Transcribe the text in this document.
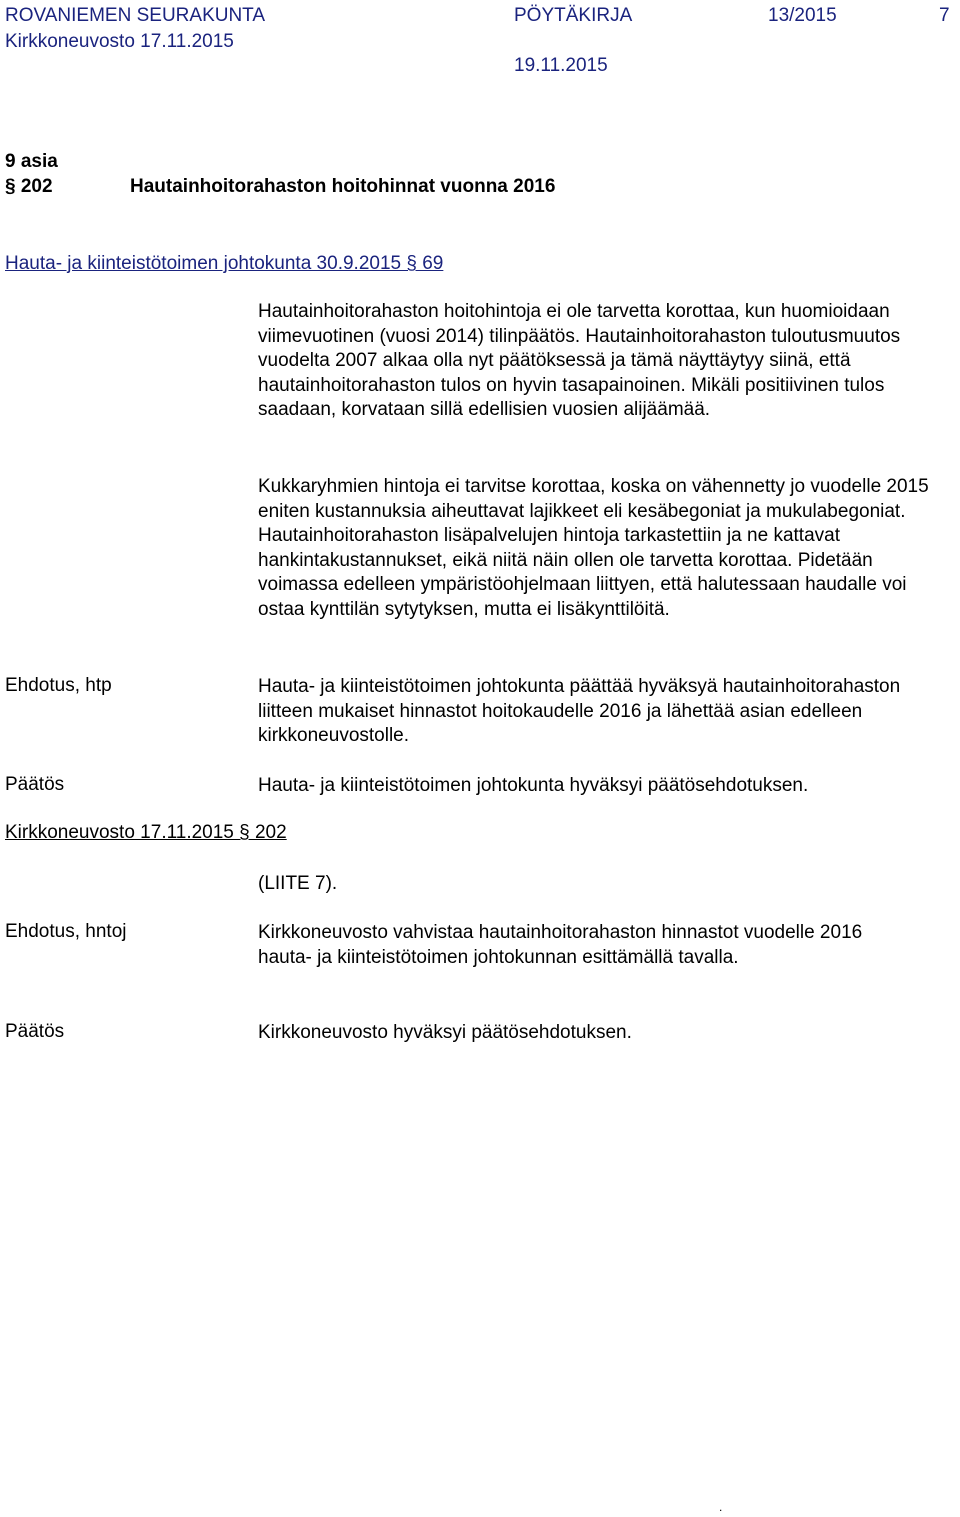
ROVANIEMEN SEURAKUNTA	PÖYTÄKIRJA	13/2015	7
Kirkkoneuvosto 17.11.2015
19.11.2015
9 asia
§ 202	Hautainhoitorahaston hoitohinnat vuonna 2016
Hauta- ja kiinteistötoimen johtokunta 30.9.2015 § 69
Hautainhoitorahaston hoitohintoja ei ole tarvetta korottaa, kun huomioidaan viimevuotinen (vuosi 2014) tilinpäätös. Hautainhoitorahaston tuloutusmuutos vuodelta 2007 alkaa olla nyt päätöksessä ja tämä näyttäytyy siinä, että hautainhoitorahaston tulos on hyvin tasapainoinen. Mikäli positiivinen tulos saadaan, korvataan sillä edellisien vuosien alijäämää.
Kukkaryhmien hintoja ei tarvitse korottaa, koska on vähennetty jo vuodelle 2015 eniten kustannuksia aiheuttavat lajikkeet eli kesäbegoniat ja mukulabegoniat. Hautainhoitorahaston lisäpalvelujen hintoja tarkastettiin ja ne kattavat hankintakustannukset, eikä niitä näin ollen ole tarvetta korottaa. Pidetään voimassa edelleen ympäristöohjelmaan liittyen, että halutessaan haudalle voi ostaa kynttilän sytytyksen, mutta ei lisäkynttilöitä.
Ehdotus, htp	Hauta- ja kiinteistötoimen johtokunta päättää hyväksyä hautainhoitorahaston liitteen mukaiset hinnastot hoitokaudelle 2016 ja lähettää asian edelleen kirkkoneuvostolle.
Päätös	Hauta- ja kiinteistötoimen johtokunta hyväksyi päätösehdotuksen.
Kirkkoneuvosto 17.11.2015 § 202
(LIITE 7).
Ehdotus, hntoj	Kirkkoneuvosto vahvistaa hautainhoitorahaston hinnastot vuodelle 2016 hauta- ja kiinteistötoimen johtokunnan esittämällä tavalla.
Päätös	Kirkkoneuvosto hyväksyi päätösehdotuksen.
.
